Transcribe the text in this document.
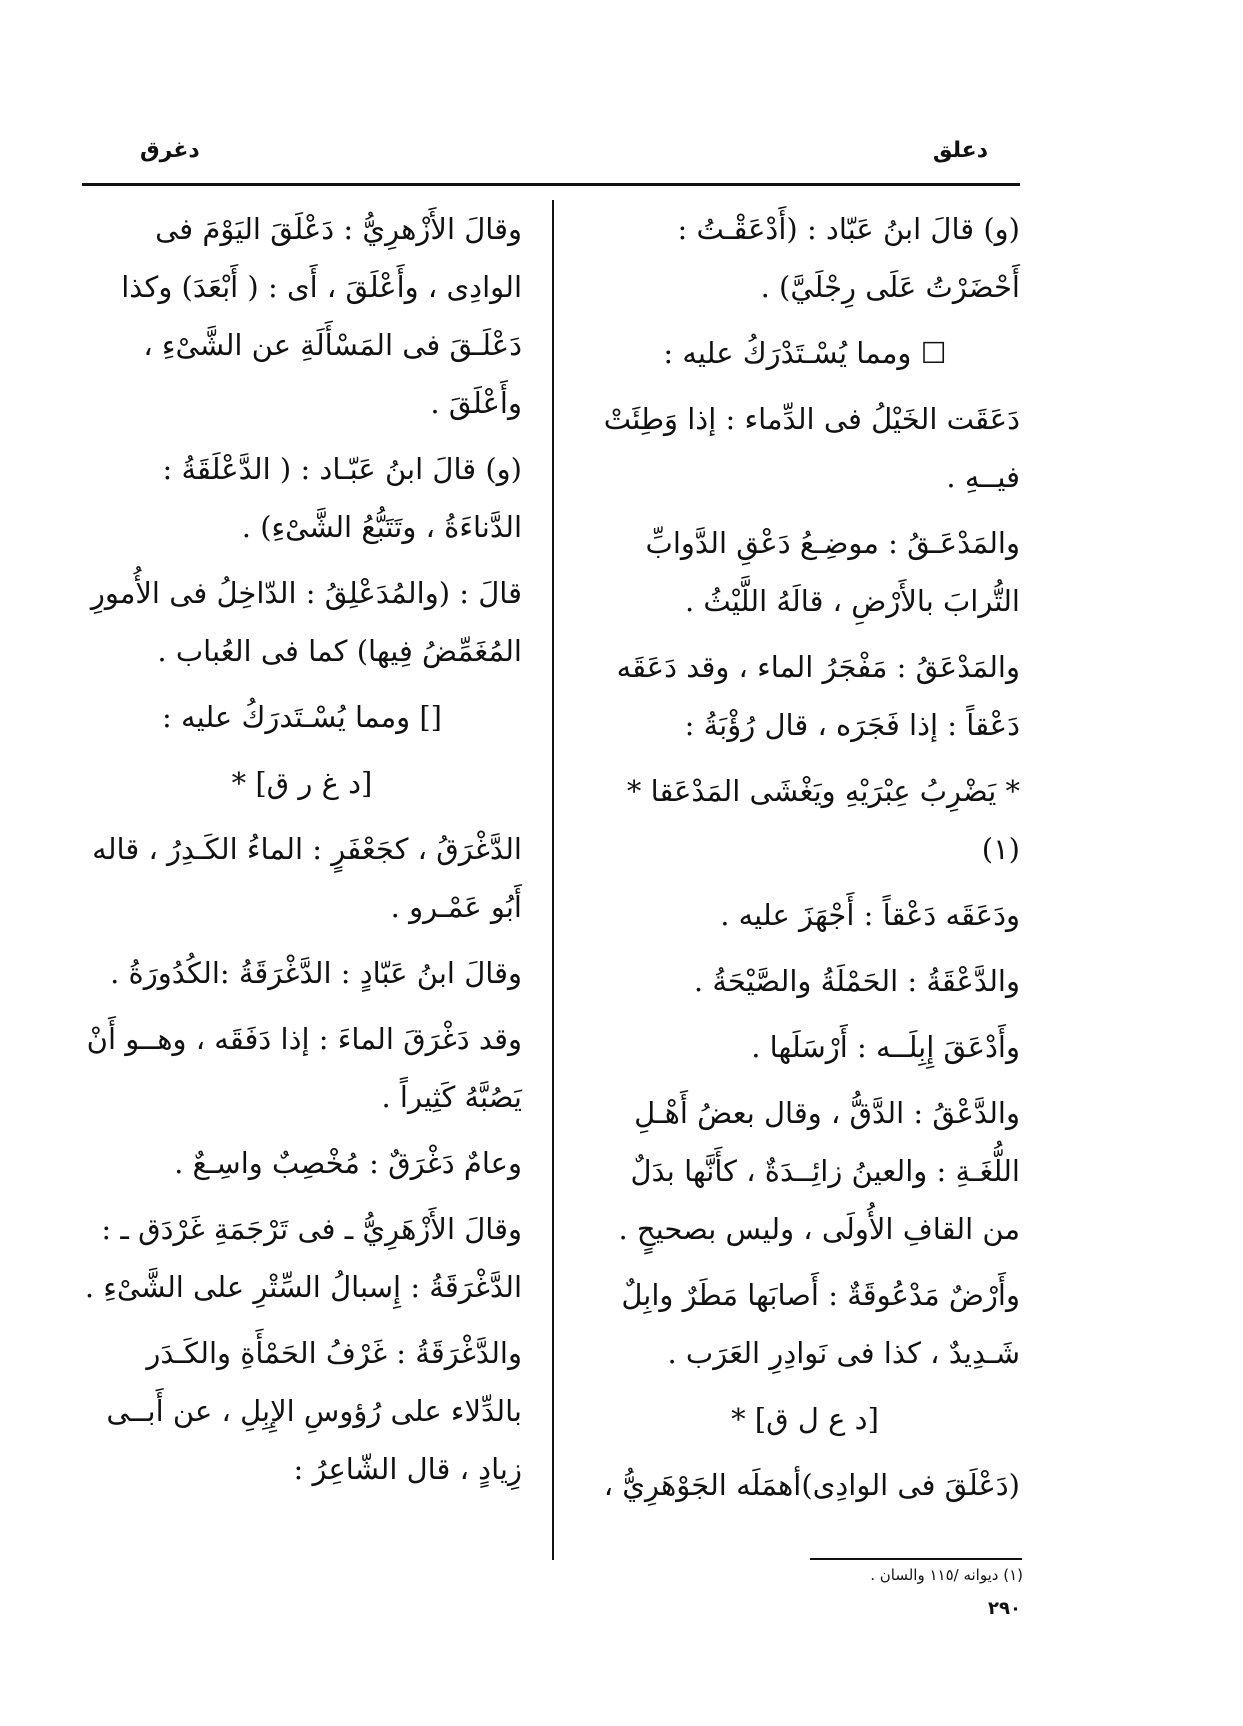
دعلق
دغرق

(و) قالَ ابنُ عَبّاد : (أَدْعَقْـتُ : أَحْضَرْتُ عَلَى رِجْلَيَّ) .

☐ ومما يُسْـتَدْرَكُ عليه :

دَعَقَت الخَيْلُ فى الدِّماء : إذا وَطِئَتْ فيــهِ .

والمَدْعَـقُ : موضِـعُ دَعْقِ الدَّوابِّ التُّرابَ بالأَرْضِ ، قالَهُ اللَّيْثُ .

والمَدْعَقُ : مَفْجَرُ الماء ، وقد دَعَقَه دَعْقاً : إذا فَجَرَه ، قال رُؤْبَةُ :

* يَضْرِبُ عِبْرَيْهِ ويَغْشَى المَدْعَقا * (١)

ودَعَقَه دَعْقاً : أَجْهَزَ عليه .

والدَّعْقَةُ : الحَمْلَةُ والصَّيْحَةُ .

وأَدْعَقَ إِبِلَــه : أَرْسَلَها .

والدَّعْقُ : الدَّقُّ ، وقال بعضُ أَهْـلِ اللُّغَـةِ : والعينُ زائِــدَةٌ ، كأَنَّها بدَلٌ من القافِ الأُولَى ، وليس بصحيحٍ .

وأَرْضٌ مَدْعُوقَةٌ : أَصابَها مَطَرٌ وابِلٌ شَـدِيدٌ ، كذا فى نَوادِرِ العَرَب .

[د ع ل ق] *

(دَعْلَقَ فى الوادِى)أهمَلَه الجَوْهَرِيُّ ،

وقالَ الأَزْهرِيُّ : دَعْلَقَ اليَوْمَ فى الوادِى ، وأَعْلَقَ ، أَى : ( أَبْعَدَ) وكذا دَعْلَـقَ فى المَسْأَلَةِ عن الشَّىْءِ ، وأَعْلَقَ .

(و) قالَ ابنُ عَبّـاد : ( الدَّعْلَقَةُ : الدَّناءَةُ ، وتَتَبُّعُ الشَّىْءِ) .

قالَ : (والمُدَعْلِقُ : الدّاخِلُ فى الأُمورِ المُغَمِّضُ فِيها) كما فى العُباب .

[] ومما يُسْـتَدرَكُ عليه :

[د غ ر ق] *

الدَّغْرَقُ ، كجَعْفَرٍ : الماءُ الكَـدِرُ ، قاله أَبُو عَمْـرو .

وقالَ ابنُ عَبّادٍ : الدَّغْرَقَةُ :الكُدُورَةُ .

وقد دَغْرَقَ الماءَ : إذا دَفَقَه ، وهــو أَنْ يَصُبَّهُ كَثِيراً .

وعامٌ دَغْرَقٌ : مُخْصِبٌ واسِـعٌ .

وقالَ الأَزْهَرِيُّ ـ فى تَرْجَمَةِ غَرْدَق ـ : الدَّغْرَقَةُ : إِسبالُ السِّتْرِ على الشَّىْءِ .

والدَّغْرَقَةُ : غَرْفُ الحَمْأَةِ والكَـدَر بالدِّلاء على رُؤوسِ الإِبِلِ ، عن أَبــى زِيادٍ ، قال الشّاعِرُ :

(١) ديوانه /١١٥ والسان .
٢٩٠
